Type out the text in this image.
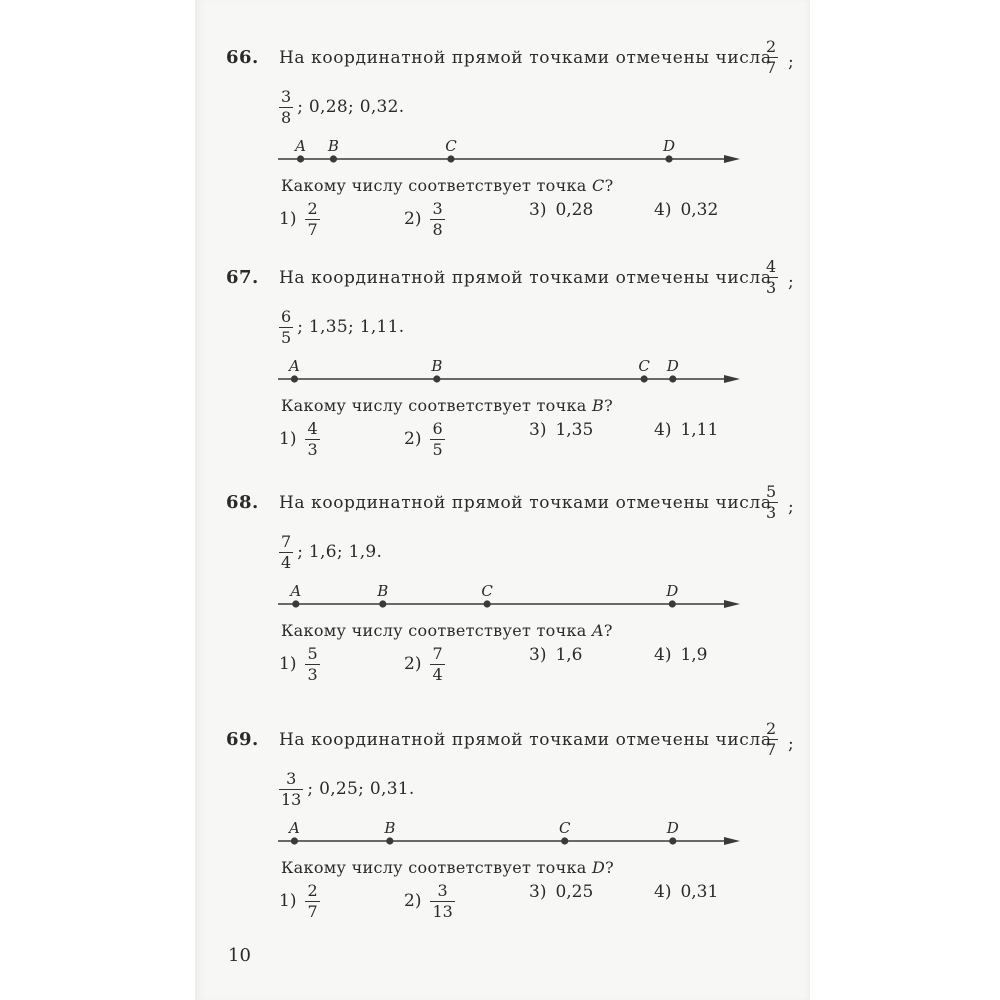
66. На координатной прямой точками отмечены числа
$\frac{2}{7}$ ;
$\frac{3}{8}$ ; 0,28; 0,32.
A B	C	D
Какому числу соответствует точка C?
$1) \frac{2}{7}$	$2) \frac{3}{8}$	3) 0,28	4) 0,32
67. На координатной прямой точками отмечены числа
$\frac{4}{3}$ ;
$\frac{6}{5}$ ; 1,35; 1,11.
A	B	C D
Какому числу соответствует точка B?
$1) \frac{4}{3}$	$2) \frac{6}{5}$	3) 1,35	4) 1,11
68. На координатной прямой точками отмечены числа
$\frac{5}{3}$ ;
$\frac{7}{4}$ ; 1,6; 1,9.
A	B	C	D
Какому числу соответствует точка A?
$1) \frac{5}{3}$	$2) \frac{7}{4}$	3) 1,6	4) 1,9
69. На координатной прямой точками отмечены числа
$\frac{2}{7}$ ;
$\frac{3}{13}$ ; 0,25; 0,31.
A	B	C	D
Какому числу соответствует точка D?
$1) \frac{2}{7}$	$2) \frac{3}{13}$	3) 0,25	4) 0,31
10
